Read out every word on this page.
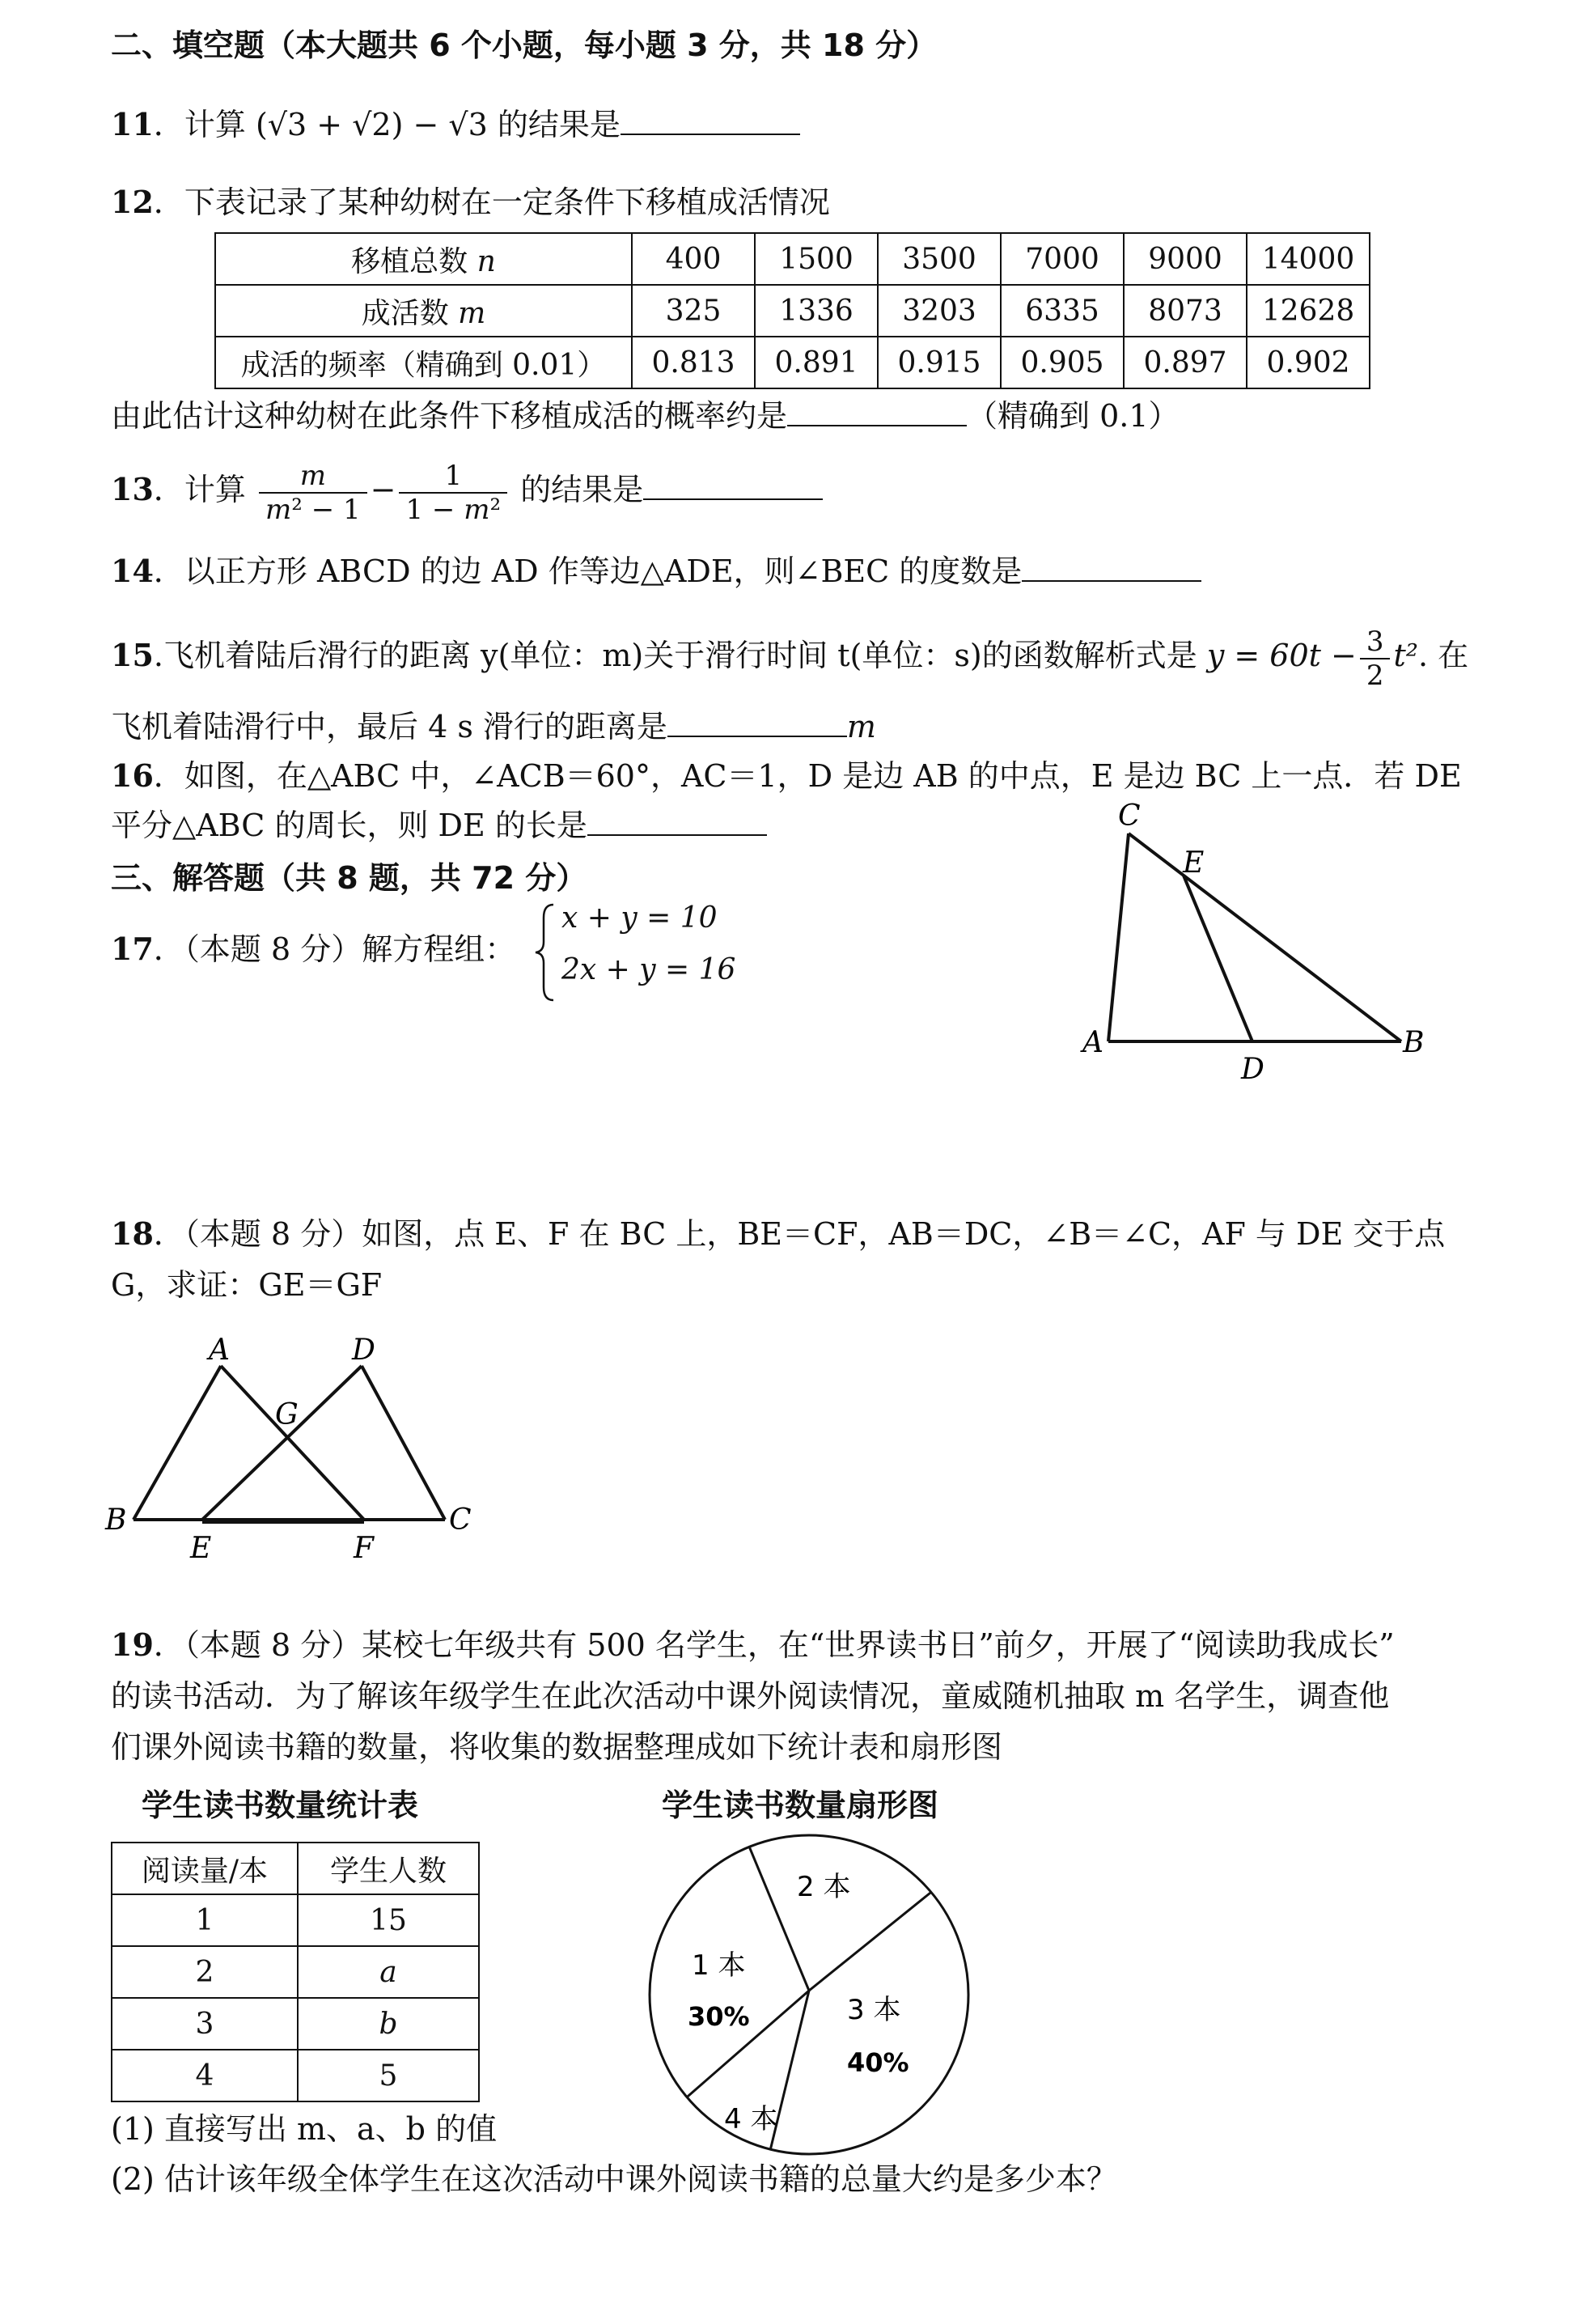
二、填空题（本大题共 6 个小题，每小题 3 分，共 18 分）
11．计算 (√3 + √2) − √3 的结果是
12．下表记录了某种幼树在一定条件下移植成活情况
移植总数 n	400	1500	3500	7000	9000	14000
成活数 m	325	1336	3203	6335	8073	12628
成活的频率（精确到 0.01）	0.813	0.891	0.915	0.905	0.897	0.902
由此估计这种幼树在此条件下移植成活的概率约是	（精确到 0.1）
13．计算 $\frac{m}{\text{m² − 1}} - \frac{1}{\text{1 − m²}}$ 的结果是
14．以正方形 ABCD 的边 AD 作等边△ADE，则∠BEC 的度数是
15.飞机着陆后滑行的距离 y(单位：m)关于滑行时间 t(单位：s)的函数解析式是 $y = 60t - \frac{3}{2} t^2$. 在
飞机着陆滑行中，最后 4 s 滑行的距离是	m
16．如图，在△ABC 中，∠ACB＝60°，AC＝1，D 是边 AB 的中点，E 是边 BC 上一点．若 DE
平分△ABC 的周长，则 DE 的长是
三、解答题（共 8 题，共 72 分）
17．（本题 8 分）解方程组：
x + y = 10
2x + y = 16
C
E
A
D
B
18．（本题 8 分）如图，点 E、F 在 BC 上，BE＝CF，AB＝DC，∠B＝∠C，AF 与 DE 交于点
G，求证：GE＝GF
A	D
G
B
E	F
C
19．（本题 8 分）某校七年级共有 500 名学生，在“世界读书日”前夕，开展了“阅读助我成长”
的读书活动．为了解该年级学生在此次活动中课外阅读情况，童威随机抽取 m 名学生，调查他
们课外阅读书籍的数量，将收集的数据整理成如下统计表和扇形图
学生读书数量统计表	学生读书数量扇形图
阅读量/本	学生人数
1	15
2	a
3	b
4	5
2 本
1 本
30%	3 本
40%
4 本
(1) 直接写出 m、a、b 的值
(2) 估计该年级全体学生在这次活动中课外阅读书籍的总量大约是多少本？
